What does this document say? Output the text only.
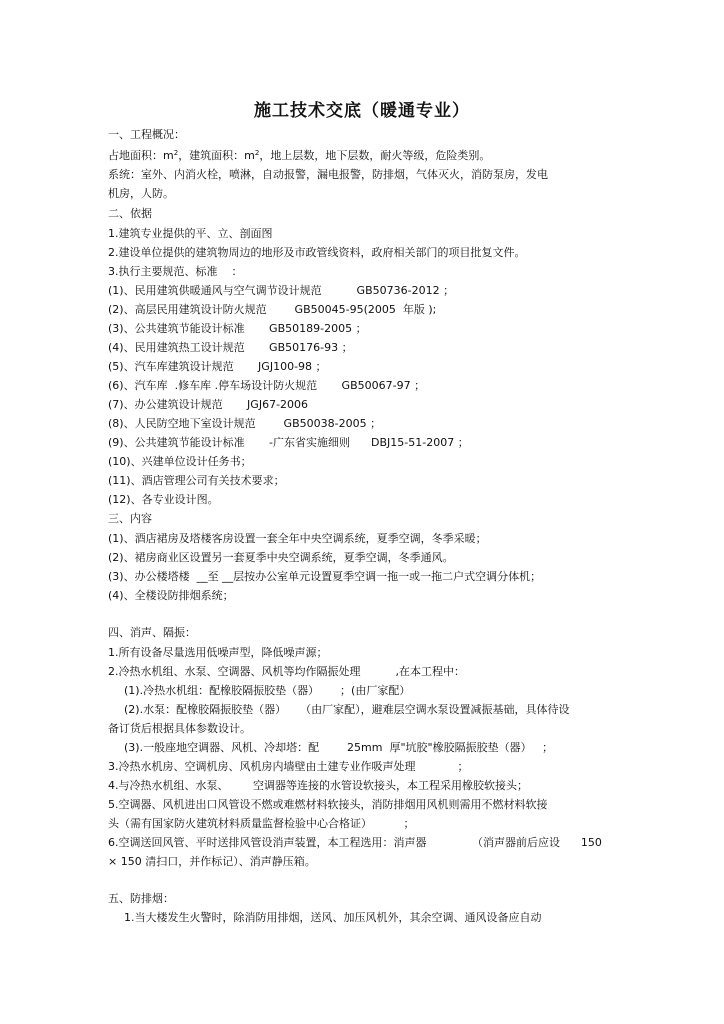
施工技术交底（暖通专业）
一、工程概况：
占地面积：$m^2$，建筑面积：$m^2$，地上层数，地下层数，耐火等级，危险类别。
系统：室外、内消火栓，喷淋，自动报警，漏电报警，防排烟，气体灭火，消防泵房，发电
机房，人防。
二、依据
1.建筑专业提供的平、立、剖面图
2.建设单位提供的建筑物周边的地形及市政管线资料，政府相关部门的项目批复文件。
3.执行主要规范、标准    ：
(1)、民用建筑供暖通风与空气调节设计规范          GB50736-2012 ；
(2)、高层民用建筑设计防火规范        GB50045-95(2005  年版 );
(3)、公共建筑节能设计标准       GB50189-2005 ；
(4)、民用建筑热工设计规范       GB50176-93 ；
(5)、汽车库建筑设计规范       JGJ100-98 ；
(6)、汽车库  .修车库 .停车场设计防火规范       GB50067-97 ；
(7)、办公建筑设计规范       JGJ67-2006
(8)、人民防空地下室设计规范        GB50038-2005 ；
(9)、公共建筑节能设计标准       -广东省实施细则      DBJ15-51-2007 ；
(10)、兴建单位设计任务书；
(11)、酒店管理公司有关技术要求；
(12)、各专业设计图。
三、内容
(1)、酒店裙房及塔楼客房设置一套全年中央空调系统，夏季空调，冬季采暖；
(2)、裙房商业区设置另一套夏季中央空调系统，夏季空调，冬季通风。
(3)、办公楼塔楼  __至 __层按办公室单元设置夏季空调一拖一或一拖二户式空调分体机；
(4)、全楼设防排烟系统；
四、消声、隔振：
1.所有设备尽量选用低噪声型，降低噪声源；
2.冷热水机组、水泵、空调器、风机等均作隔振处理          ,在本工程中：
(1).冷热水机组：配橡胶隔振胶垫（器）      ；(由厂家配）
(2).水泵：配橡胶隔振胶垫（器）    （由厂家配），避难层空调水泵设置减振基础，具体待设
备订货后根据具体参数设计。
(3).一般座地空调器、风机、冷却塔：配        25mm  厚"坑胶"橡胶隔振胶垫（器）   ；
3.冷热水机房、空调机房、风机房内墙壁由土建专业作吸声处理            ；
4.与冷热水机组、水泵、       空调器等连接的水管设软接头，本工程采用橡胶软接头；
5.空调器、风机进出口风管设不燃或难燃材料软接头，消防排烟用风机则需用不燃材料软接
头（需有国家防火建筑材料质量监督检验中心合格证）         ；
6.空调送回风管、平时送排风管设消声装置，本工程选用：消声器             （消声器前后应设      150
× 150 清扫口，并作标记）、消声静压箱。
五、防排烟：
1.当大楼发生火警时，除消防用排烟，送风、加压风机外，其余空调、通风设备应自动
